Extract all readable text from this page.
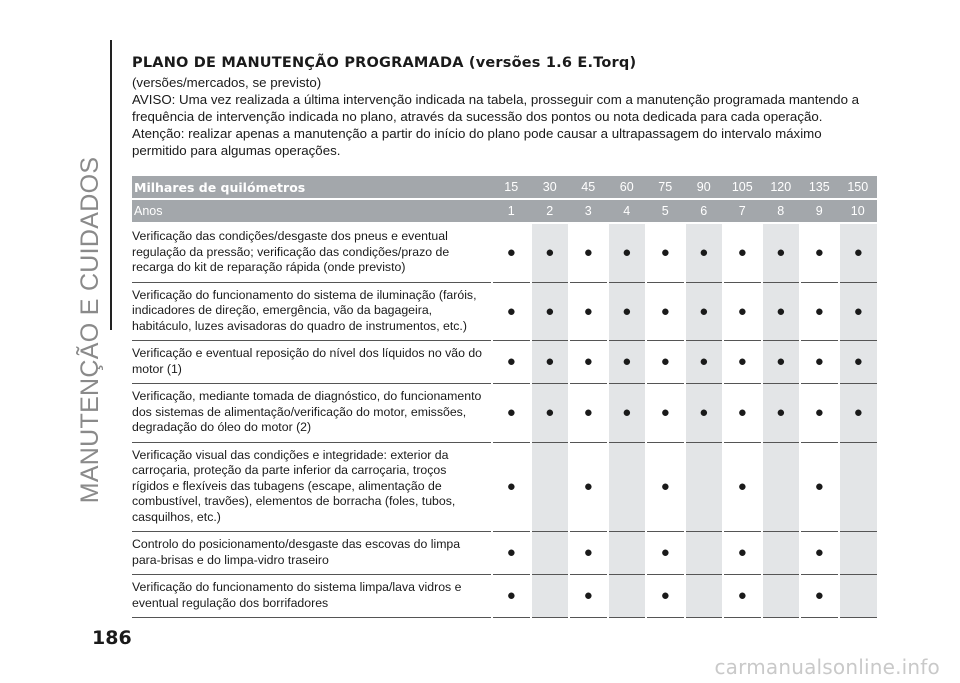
MANUTENÇÃO E CUIDADOS
PLANO DE MANUTENÇÃO PROGRAMADA (versões 1.6 E.Torq)

(versões/mercados, se previsto)

AVISO: Uma vez realizada a última intervenção indicada na tabela, prosseguir com a manutenção programada mantendo a frequência de intervenção indicada no plano, através da sucessão dos pontos ou nota dedicada para cada operação.

Atenção: realizar apenas a manutenção a partir do início do plano pode causar a ultrapassagem do intervalo máximo permitido para algumas operações.

Milhares de quilómetros	15	30	45	60	75	90	105	120	135	150
Anos	1	2	3	4	5	6	7	8	9	10
Verificação das condições/desgaste dos pneus e eventual regulação da pressão; verificação das condições/prazo de recarga do kit de reparação rápida (onde previsto)	●	●	●	●	●	●	●	●	●	●
Verificação do funcionamento do sistema de iluminação (faróis, indicadores de direção, emergência, vão da bagageira, habitáculo, luzes avisadoras do quadro de instrumentos, etc.)	●	●	●	●	●	●	●	●	●	●
Verificação e eventual reposição do nível dos líquidos no vão do motor (1)	●	●	●	●	●	●	●	●	●	●
Verificação, mediante tomada de diagnóstico, do funcionamento dos sistemas de alimentação/verificação do motor, emissões, degradação do óleo do motor (2)	●	●	●	●	●	●	●	●	●	●
Verificação visual das condições e integridade: exterior da carroçaria, proteção da parte inferior da carroçaria, troços rígidos e flexíveis das tubagens (escape, alimentação de combustível, travões), elementos de borracha (foles, tubos, casquilhos, etc.)	●		●		●		●		●	
Controlo do posicionamento/desgaste das escovas do limpa para-brisas e do limpa-vidro traseiro	●		●		●		●		●	
Verificação do funcionamento do sistema limpa/lava vidros e eventual regulação dos borrifadores	●		●		●		●		●	
186
carmanualsonline.info
